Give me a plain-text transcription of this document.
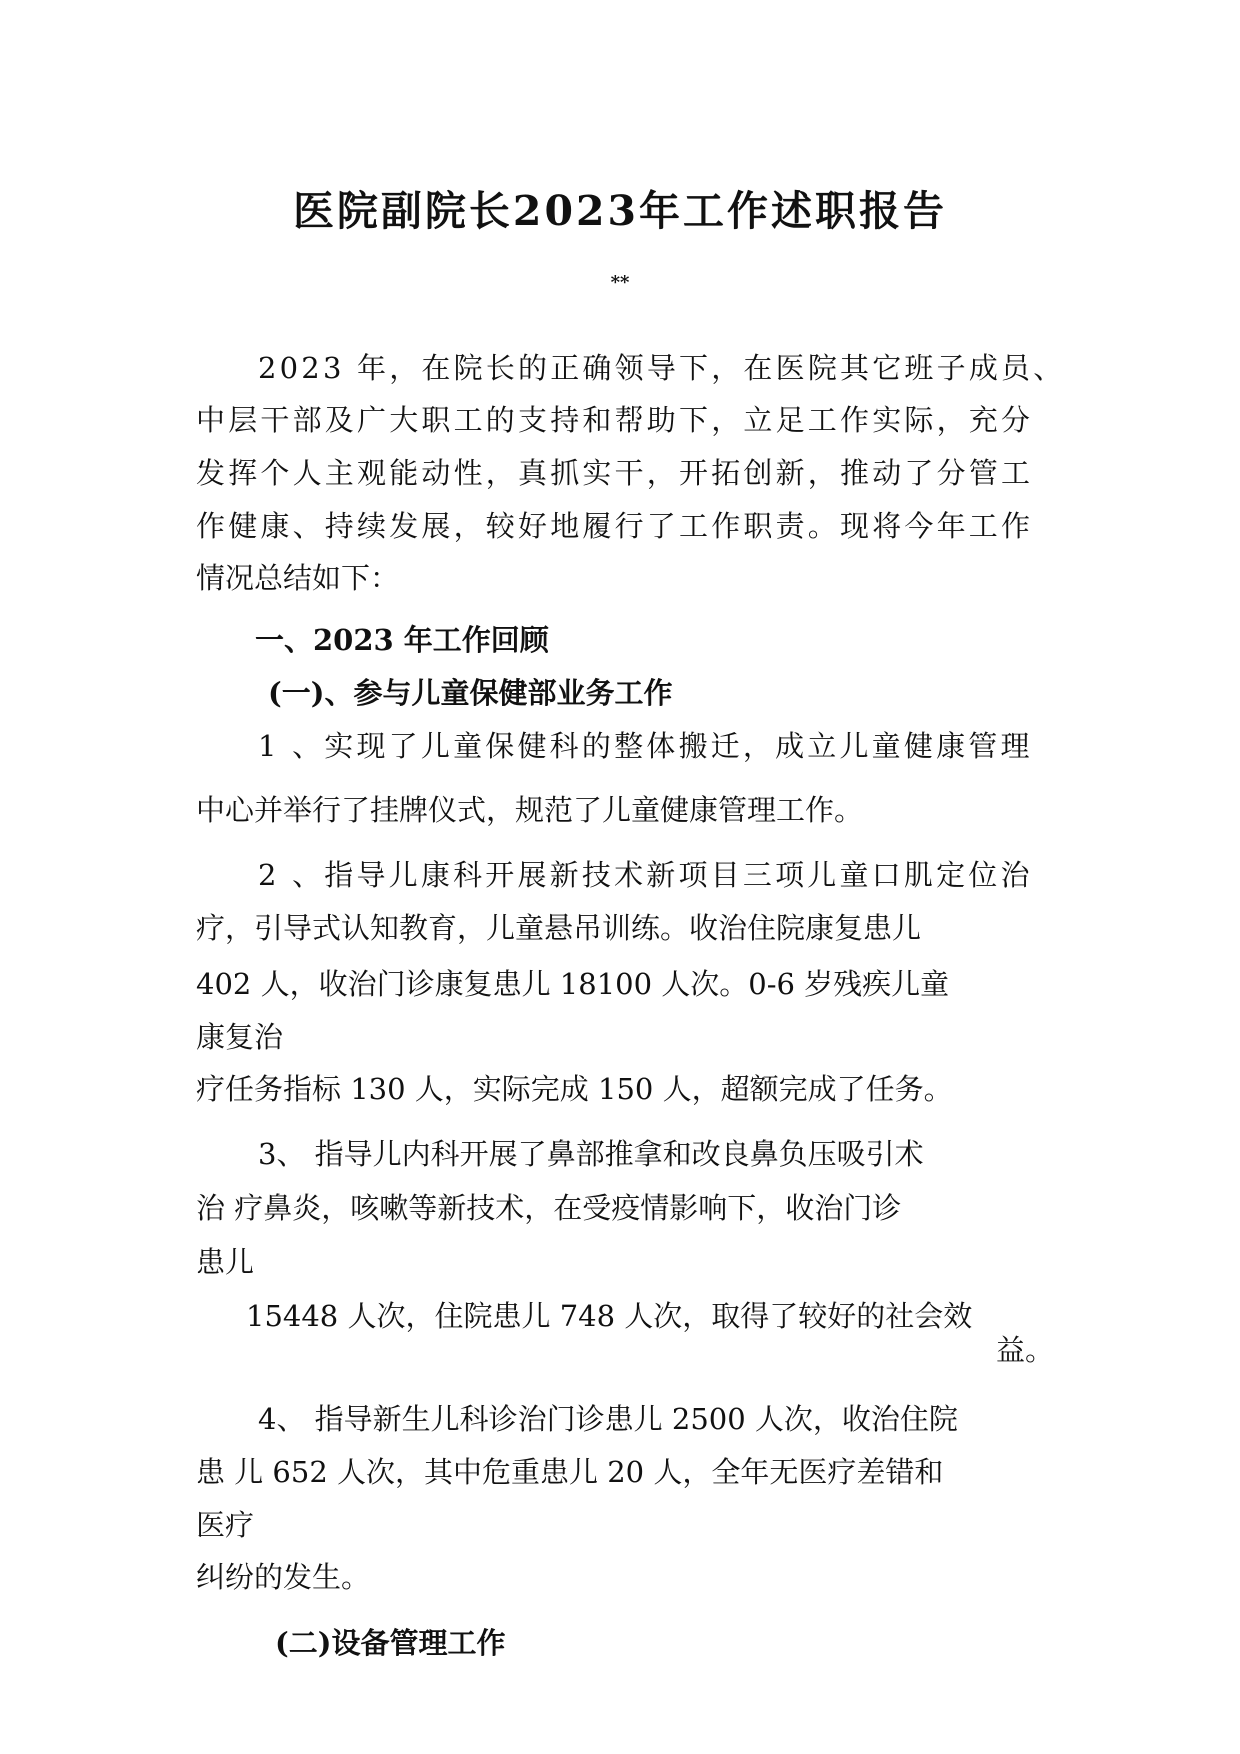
医院副院长2023年工作述职报告
**
2023 年，在院长的正确领导下，在医院其它班子成员、
中层干部及广大职工的支持和帮助下，立足工作实际，充分
发挥个人主观能动性，真抓实干，开拓创新，推动了分管工
作健康、持续发展，较好地履行了工作职责。现将今年工作
情况总结如下：
一、2023 年工作回顾
(一)、参与儿童保健部业务工作
1 、实现了儿童保健科的整体搬迁，成立儿童健康管理
中心并举行了挂牌仪式，规范了儿童健康管理工作。
2 、指导儿康科开展新技术新项目三项儿童口肌定位治
疗，引导式认知教育，儿童悬吊训练。收治住院康复患儿
402 人，收治门诊康复患儿 18100 人次。0-6 岁残疾儿童
康复治
疗任务指标 130 人，实际完成 150 人，超额完成了任务。
3、 指导儿内科开展了鼻部推拿和改良鼻负压吸引术
治 疗鼻炎，咳嗽等新技术，在受疫情影响下，收治门诊
患儿
15448 人次，住院患儿 748 人次，取得了较好的社会效
益。
4、 指导新生儿科诊治门诊患儿 2500 人次，收治住院
患 儿 652 人次，其中危重患儿 20 人，全年无医疗差错和
医疗
纠纷的发生。
(二)设备管理工作
